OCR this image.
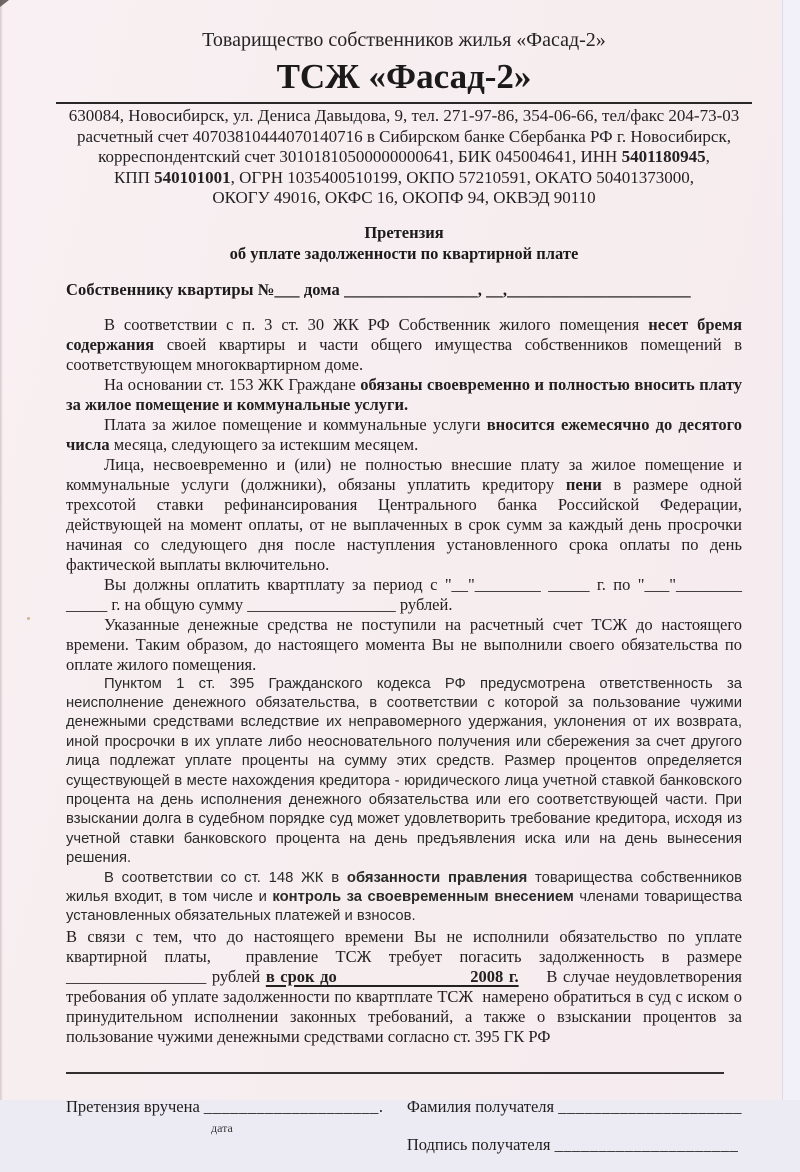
Товарищество собственников жилья «Фасад-2»
ТСЖ «Фасад-2»

630084, Новосибирск, ул. Дениса Давыдова, 9, тел. 271-97-86, 354-06-66, тел/факс 204-73-03

расчетный счет 40703810444070140716 в Сибирском банке Сбербанка РФ г. Новосибирск,

корреспондентский счет 30101810500000000641, БИК 045004641, ИНН 5401180945,

КПП 540101001, ОГРН 1035400510199, ОКПО 57210591, ОКАТО 50401373000,

ОКОГУ 49016, ОКФС 16, ОКОПФ 94, ОКВЭД 90110

Претензия
об уплате задолженности по квартирной плате
Собственнику квартиры №___ дома ________________, __,______________________

В соответствии с п. 3 ст. 30 ЖК РФ Собственник жилого помещения несет бремя содержания своей квартиры и части общего имущества собственников помещений в соответствующем многоквартирном доме.

На основании ст. 153 ЖК Граждане обязаны своевременно и полностью вносить плату за жилое помещение и коммунальные услуги.

Плата за жилое помещение и коммунальные услуги вносится ежемесячно до десятого числа месяца, следующего за истекшим месяцем.

Лица, несвоевременно и (или) не полностью внесшие плату за жилое помещение и коммунальные услуги (должники), обязаны уплатить кредитору пени в размере одной трехсотой ставки рефинансирования Центрального банка Российской Федерации, действующей на момент оплаты, от не выплаченных в срок сумм за каждый день просрочки начиная со следующего дня после наступления установленного срока оплаты по день фактической выплаты включительно.

Вы должны оплатить квартплату за период с "__"________ _____ г. по "___"________ _____ г. на общую суммy __________________ рублей.

Указанные денежные средства не поступили на расчетный счет ТСЖ до настоящего времени. Таким образом, до настоящего момента Вы не выполнили своего обязательства по оплате жилого помещения.

Пунктом 1 ст. 395 Гражданского кодекса РФ предусмотрена ответственность за неисполнение денежного обязательства, в соответствии с которой за пользование чужими денежными средствами вследствие их неправомерного удержания, уклонения от их возврата, иной просрочки в их уплате либо неосновательного получения или сбережения за счет другого лица подлежат уплате проценты на сумму этих средств. Размер процентов определяется существующей в месте нахождения кредитора - юридического лица учетной ставкой банковского процента на день исполнения денежного обязательства или его соответствующей части. При взыскании долга в судебном порядке суд может удовлетворить требование кредитора, исходя из учетной ставки банковского процента на день предъявления иска или на день вынесения решения.

В соответствии со ст. 148 ЖК в обязанности правления товарищества собственников жилья входит, в том числе и контроль за своевременным внесением членами товарищества установленных обязательных платежей и взносов.

В связи с тем, что до настоящего времени Вы не исполнили обязательство по уплате квартирной платы,  правление ТСЖ требует погасить задолженность в размере _________________ рублей в срок до                        2008 г.     В случае неудовлетворения требования об уплате задолженности по квартплате ТСЖ  намерено обратиться в суд с иском о принудительном исполнении законных требований, а также о взыскании процентов за пользование чужими денежными средствами согласно ст. 395 ГК РФ

Претензия вручена ____________________.
дата
Фамилия получателя _____________________
Подпись получателя _____________________
